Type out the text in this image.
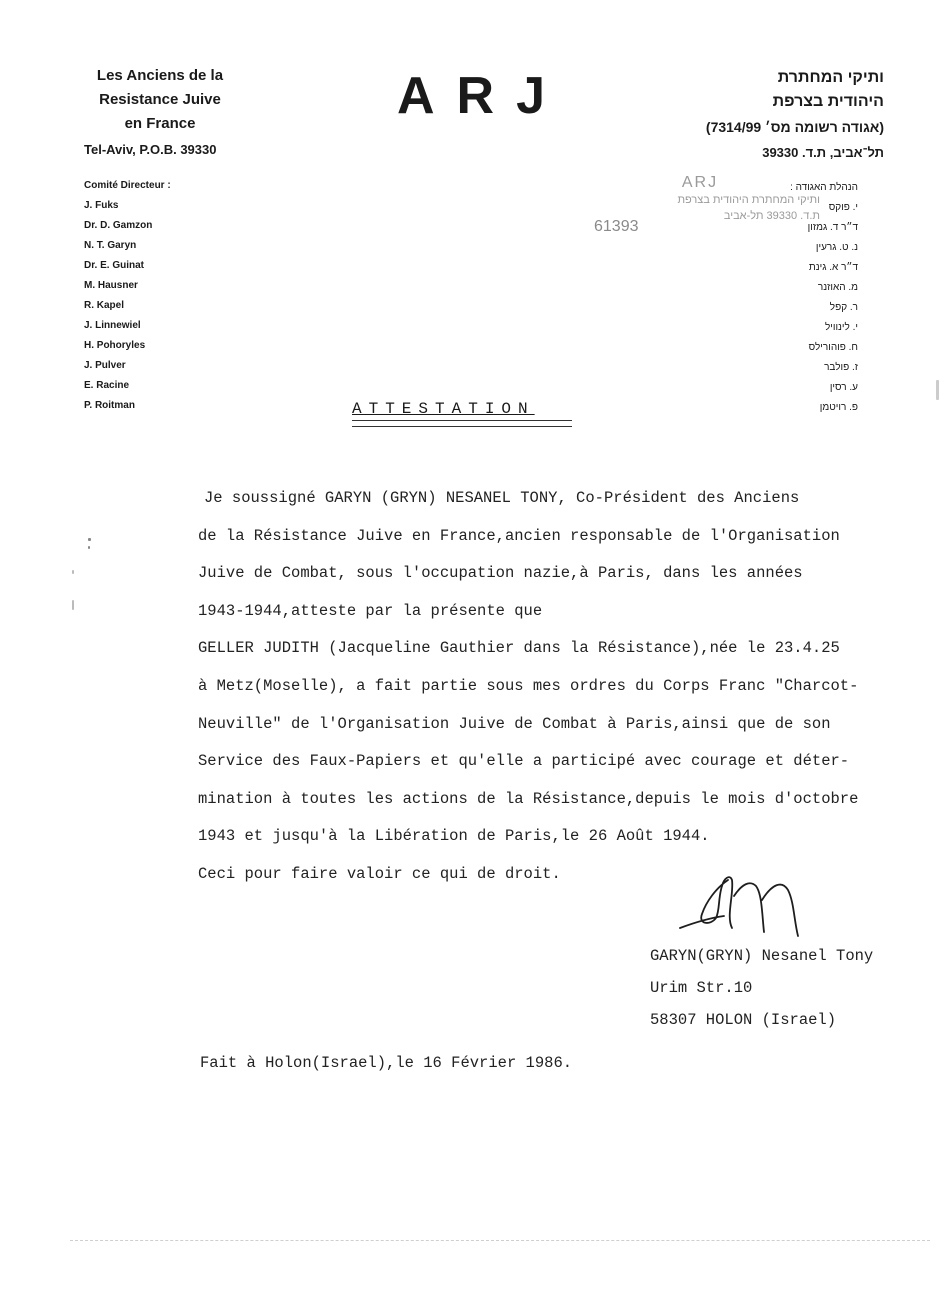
Les Anciens de la
Resistance Juive
en France
Tel-Aviv, P.O.B. 39330
Comité Directeur :
J. Fuks
Dr. D. Gamzon
N. T. Garyn
Dr. E. Guinat
M. Hausner
R. Kapel
J. Linnewiel
H. Pohoryles
J. Pulver
E. Racine
P. Roitman
ARJ	ותיקי המחתרת
היהודית בצרפת
(אגודה רשומה מס׳ 7314/99)
תל־אביב, ת.ד. 39330
הנהלת האגודה :
י. פוקס
ד״ר ד. גמזון
נ. ט. גרעין
ד״ר א. גינת
מ. האוזנר
ר. קפל
י. לינוויל
ח. פוהורילס
ז. פולבר
ע. רסין
פ. רויטמן
ARJ
ותיקי המחתרת היהודית בצרפת
ת.ד. 39330 תל-אביב
61393
ATTESTATION
Je soussigné GARYN (GRYN) NESANEL TONY, Co-Président des Anciens
de la Résistance Juive en France,ancien responsable de l'Organisation
Juive de Combat, sous l'occupation nazie,à Paris, dans les années
1943-1944,atteste par la présente que
GELLER JUDITH (Jacqueline Gauthier dans la Résistance),née le 23.4.25
à Metz(Moselle), a fait partie sous mes ordres du Corps Franc "Charcot-
Neuville" de l'Organisation Juive de Combat à Paris,ainsi que de son
Service des Faux-Papiers et qu'elle a participé avec courage et déter-
mination à toutes les actions de la Résistance,depuis le mois d'octobre
1943 et jusqu'à la Libération de Paris,le 26 Août 1944.
Ceci pour faire valoir ce qui de droit.
GARYN(GRYN) Nesanel Tony
Urim Str.10
58307 HOLON (Israel)
Fait à Holon(Israel),le 16 Février 1986.
